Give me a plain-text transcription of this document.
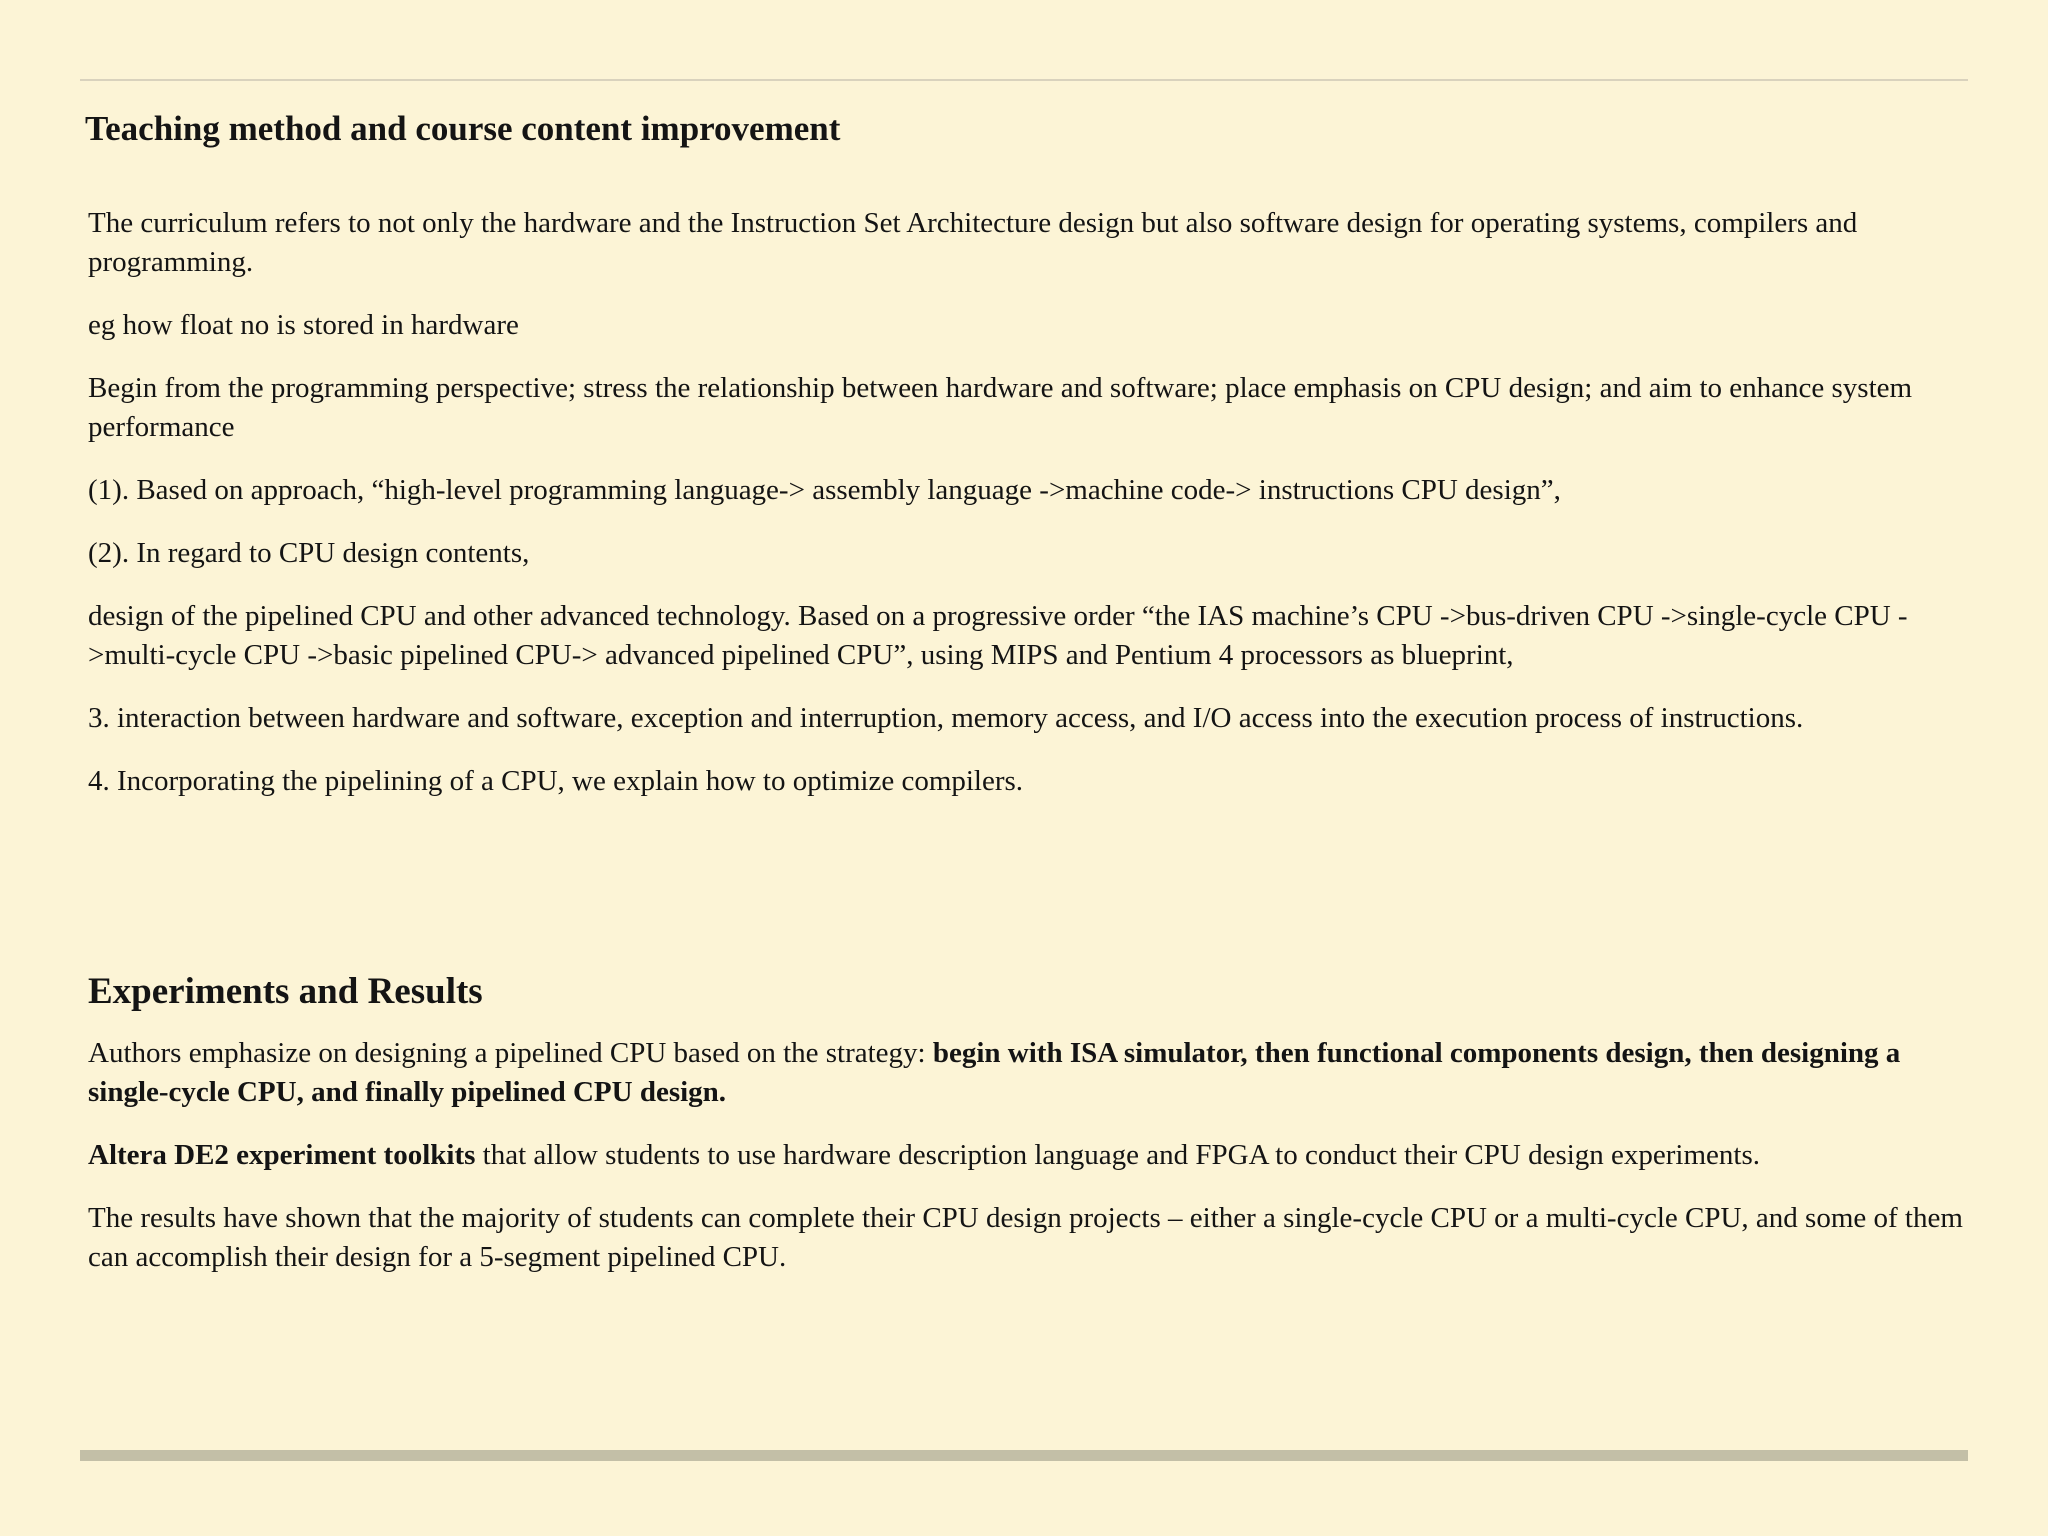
Teaching method and course content improvement

The curriculum refers to not only the hardware and the Instruction Set Architecture design but also software design for operating systems, compilers and programming.

eg how float no is stored in hardware

Begin from the programming perspective; stress the relationship between hardware and software; place emphasis on CPU design; and aim to enhance system performance

(1). Based on approach, “high-level programming language-> assembly language ->machine code-> instructions CPU design”,

(2). In regard to CPU design contents,

design of the pipelined CPU and other advanced technology. Based on a progressive order “the IAS machine’s CPU ->bus-driven CPU ->single-cycle CPU ->multi-cycle CPU ->basic pipelined CPU-> advanced pipelined CPU”, using MIPS and Pentium 4 processors as blueprint,

3. interaction between hardware and software, exception and interruption, memory access, and I/O access into the execution process of instructions.

4. Incorporating the pipelining of a CPU, we explain how to optimize compilers.

Experiments and Results

Authors emphasize on designing a pipelined CPU based on the strategy: begin with ISA simulator, then functional components design, then designing a single-cycle CPU, and finally pipelined CPU design.

Altera DE2 experiment toolkits that allow students to use hardware description language and FPGA to conduct their CPU design experiments.

The results have shown that the majority of students can complete their CPU design projects – either a single-cycle CPU or a multi-cycle CPU, and some of them can accomplish their design for a 5-segment pipelined CPU.
